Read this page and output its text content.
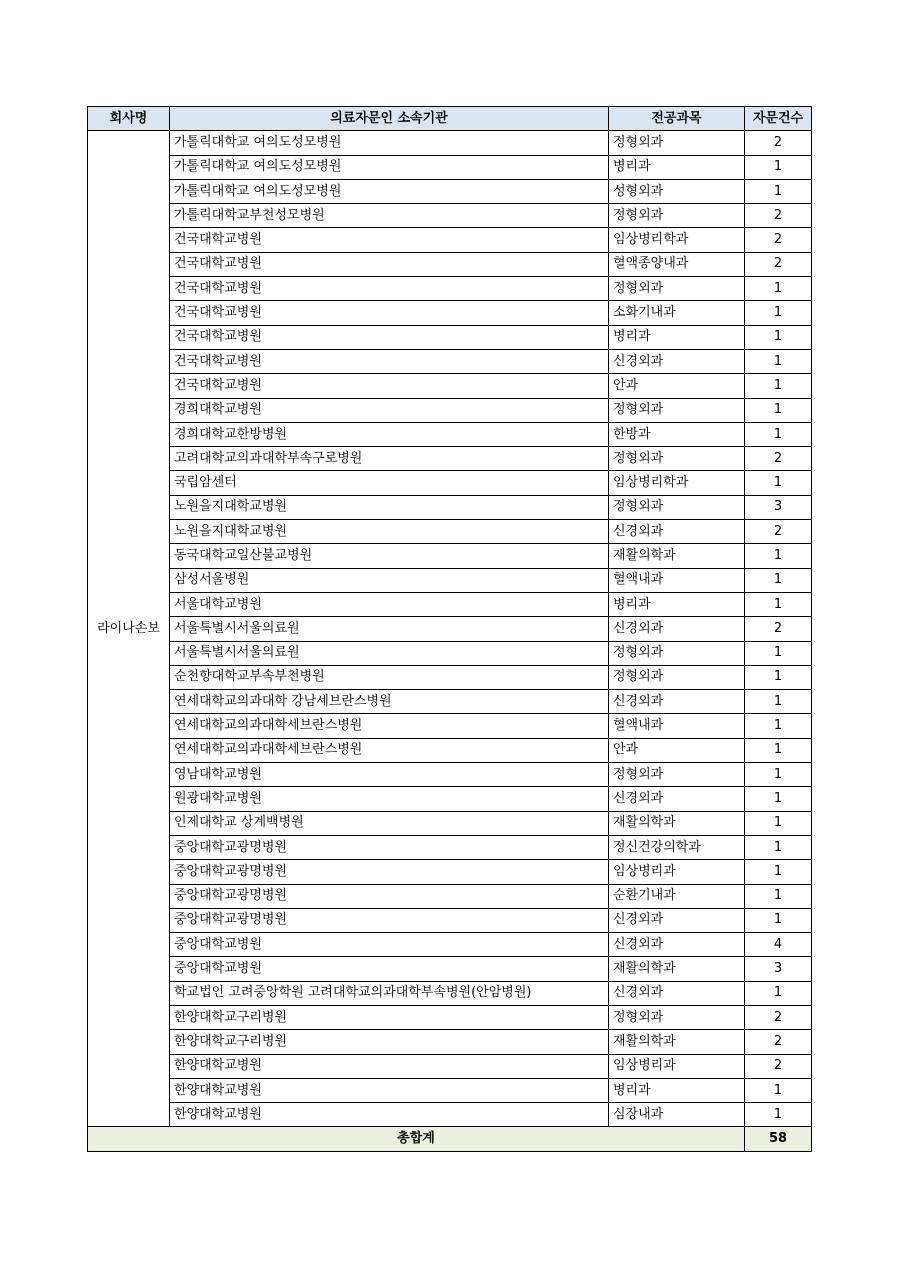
회사명	의료자문인 소속기관	전공과목	자문건수
라이나손보	가톨릭대학교 여의도성모병원	정형외과	2
	가톨릭대학교 여의도성모병원	병리과	1
	가톨릭대학교 여의도성모병원	성형외과	1
	가톨릭대학교부천성모병원	정형외과	2
	건국대학교병원	임상병리학과	2
	건국대학교병원	혈액종양내과	2
	건국대학교병원	정형외과	1
	건국대학교병원	소화기내과	1
	건국대학교병원	병리과	1
	건국대학교병원	신경외과	1
	건국대학교병원	안과	1
	경희대학교병원	정형외과	1
	경희대학교한방병원	한방과	1
	고려대학교의과대학부속구로병원	정형외과	2
	국립암센터	임상병리학과	1
	노원을지대학교병원	정형외과	3
	노원을지대학교병원	신경외과	2
	동국대학교일산불교병원	재활의학과	1
	삼성서울병원	혈액내과	1
	서울대학교병원	병리과	1
	서울특별시서울의료원	신경외과	2
	서울특별시서울의료원	정형외과	1
	순천향대학교부속부천병원	정형외과	1
	연세대학교의과대학 강남세브란스병원	신경외과	1
	연세대학교의과대학세브란스병원	혈액내과	1
	연세대학교의과대학세브란스병원	안과	1
	영남대학교병원	정형외과	1
	원광대학교병원	신경외과	1
	인제대학교 상계백병원	재활의학과	1
	중앙대학교광명병원	정신건강의학과	1
	중앙대학교광명병원	임상병리과	1
	중앙대학교광명병원	순환기내과	1
	중앙대학교광명병원	신경외과	1
	중앙대학교병원	신경외과	4
	중앙대학교병원	재활의학과	3
	학교법인 고려중앙학원 고려대학교의과대학부속병원(안암병원)	신경외과	1
	한양대학교구리병원	정형외과	2
	한양대학교구리병원	재활의학과	2
	한양대학교병원	임상병리과	2
	한양대학교병원	병리과	1
	한양대학교병원	심장내과	1
총합계			58
